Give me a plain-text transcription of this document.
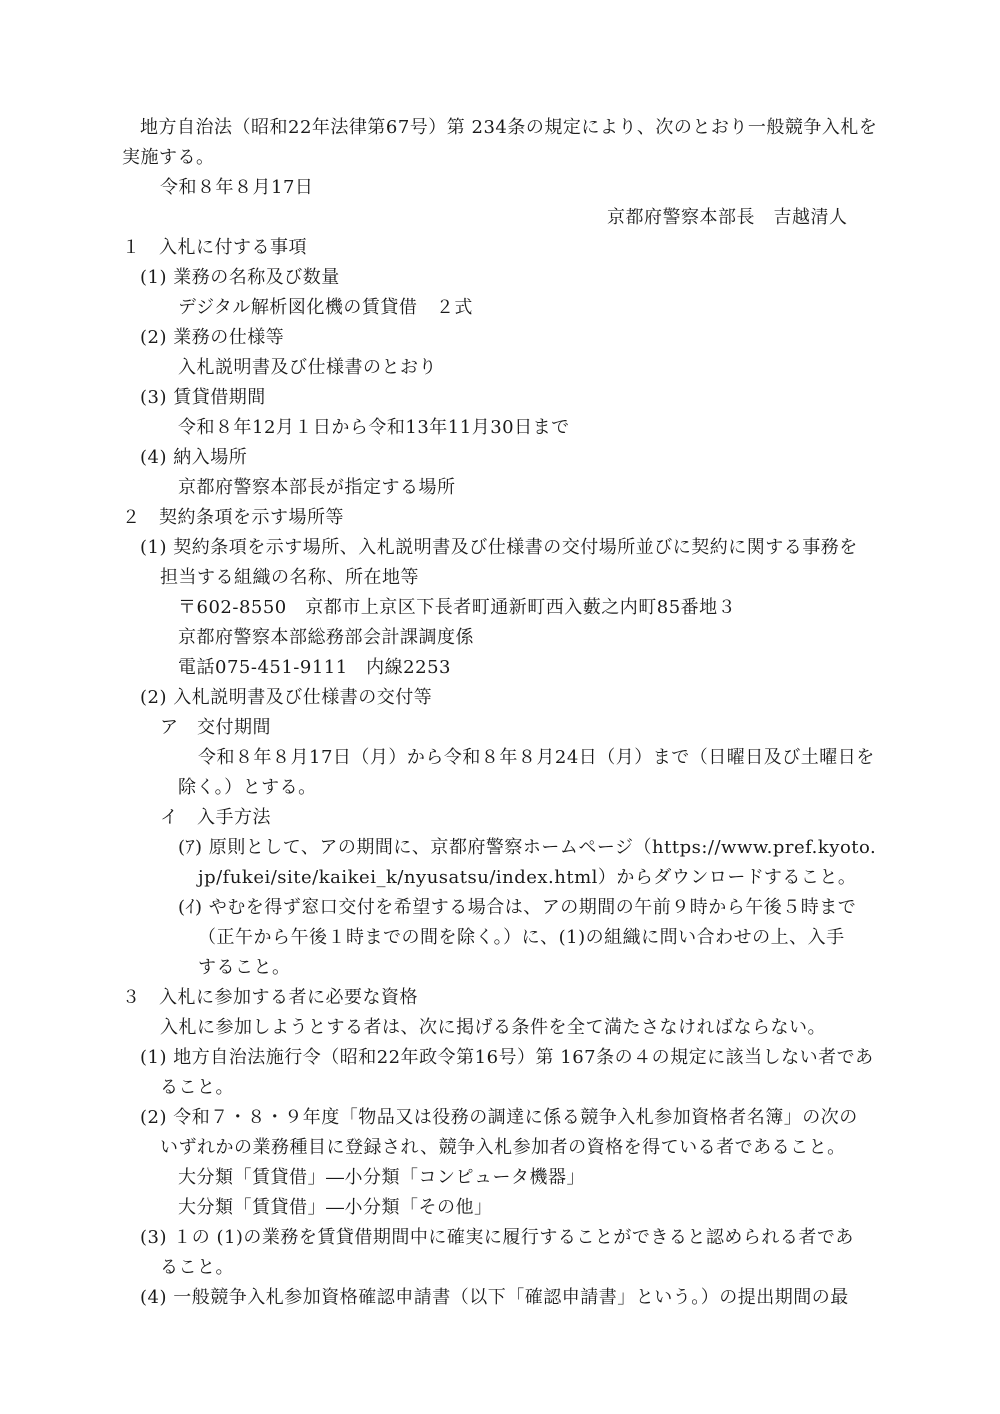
地方自治法（昭和22年法律第67号）第 234条の規定により、次のとおり一般競争入札を
実施する。
令和８年８月17日
京都府警察本部長　吉越清人
１　入札に付する事項
(1) 業務の名称及び数量
デジタル解析図化機の賃貸借　２式
(2) 業務の仕様等
入札説明書及び仕様書のとおり
(3) 賃貸借期間
令和８年12月１日から令和13年11月30日まで
(4) 納入場所
京都府警察本部長が指定する場所
２　契約条項を示す場所等
(1) 契約条項を示す場所、入札説明書及び仕様書の交付場所並びに契約に関する事務を
担当する組織の名称、所在地等
〒602-8550　京都市上京区下長者町通新町西入藪之内町85番地３
京都府警察本部総務部会計課調度係
電話075-451-9111　内線2253
(2) 入札説明書及び仕様書の交付等
ア　交付期間
令和８年８月17日（月）から令和８年８月24日（月）まで（日曜日及び土曜日を
除く。）とする。
イ　入手方法
(ｱ) 原則として、アの期間に、京都府警察ホームページ（https://www.pref.kyoto.
jp/fukei/site/kaikei_k/nyusatsu/index.html）からダウンロードすること。
(ｲ) やむを得ず窓口交付を希望する場合は、アの期間の午前９時から午後５時まで
（正午から午後１時までの間を除く。）に、(1)の組織に問い合わせの上、入手
すること。
３　入札に参加する者に必要な資格
入札に参加しようとする者は、次に掲げる条件を全て満たさなければならない。
(1) 地方自治法施行令（昭和22年政令第16号）第 167条の４の規定に該当しない者であ
ること。
(2) 令和７・８・９年度「物品又は役務の調達に係る競争入札参加資格者名簿」の次の
いずれかの業務種目に登録され、競争入札参加者の資格を得ている者であること。
大分類「賃貸借」―小分類「コンピュータ機器」
大分類「賃貸借」―小分類「その他」
(3) １の (1)の業務を賃貸借期間中に確実に履行することができると認められる者であ
ること。
(4) 一般競争入札参加資格確認申請書（以下「確認申請書」という。）の提出期間の最
